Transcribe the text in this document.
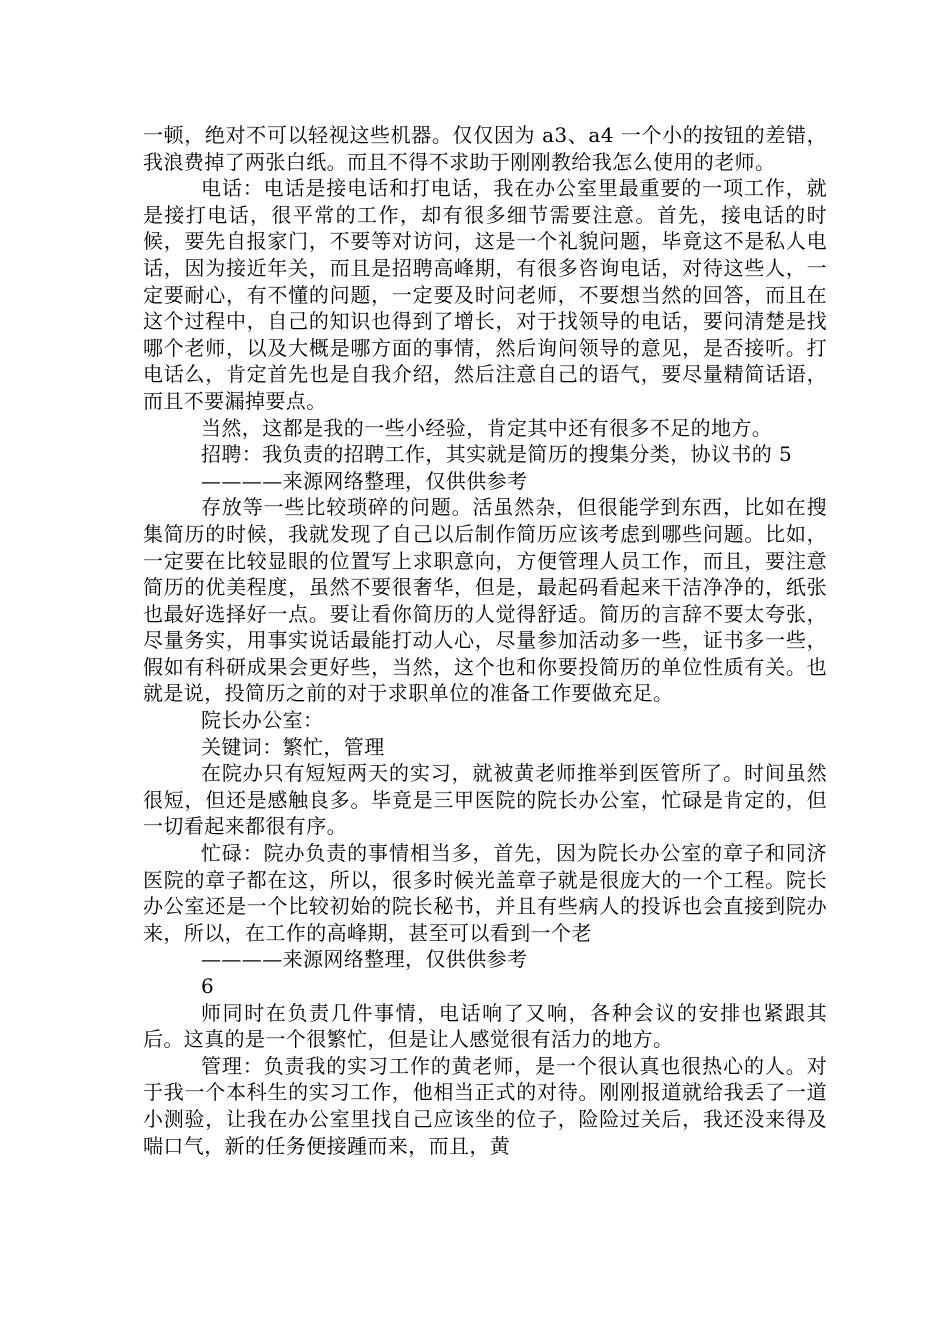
一顿，绝对不可以轻视这些机器。仅仅因为 a3、a4 一个小的按钮的差错，我浪费掉了两张白纸。而且不得不求助于刚刚教给我怎么使用的老师。

电话：电话是接电话和打电话，我在办公室里最重要的一项工作，就是接打电话，很平常的工作，却有很多细节需要注意。首先，接电话的时候，要先自报家门，不要等对访问，这是一个礼貌问题，毕竟这不是私人电话，因为接近年关，而且是招聘高峰期，有很多咨询电话，对待这些人，一定要耐心，有不懂的问题，一定要及时问老师，不要想当然的回答，而且在这个过程中，自己的知识也得到了增长，对于找领导的电话，要问清楚是找哪个老师，以及大概是哪方面的事情，然后询问领导的意见，是否接听。打电话么，肯定首先也是自我介绍，然后注意自己的语气，要尽量精简话语，而且不要漏掉要点。

当然，这都是我的一些小经验，肯定其中还有很多不足的地方。

招聘：我负责的招聘工作，其实就是简历的搜集分类，协议书的 5

————来源网络整理，仅供供参考

存放等一些比较琐碎的问题。活虽然杂，但很能学到东西，比如在搜集简历的时候，我就发现了自己以后制作简历应该考虑到哪些问题。比如，一定要在比较显眼的位置写上求职意向，方便管理人员工作，而且，要注意简历的优美程度，虽然不要很奢华，但是，最起码看起来干洁净净的，纸张也最好选择好一点。要让看你简历的人觉得舒适。简历的言辞不要太夸张，尽量务实，用事实说话最能打动人心，尽量参加活动多一些，证书多一些，假如有科研成果会更好些，当然，这个也和你要投简历的单位性质有关。也就是说，投简历之前的对于求职单位的准备工作要做充足。

院长办公室：

关键词：繁忙，管理

在院办只有短短两天的实习，就被黄老师推举到医管所了。时间虽然很短，但还是感触良多。毕竟是三甲医院的院长办公室，忙碌是肯定的，但一切看起来都很有序。

忙碌：院办负责的事情相当多，首先，因为院长办公室的章子和同济医院的章子都在这，所以，很多时候光盖章子就是很庞大的一个工程。院长办公室还是一个比较初始的院长秘书，并且有些病人的投诉也会直接到院办来，所以，在工作的高峰期，甚至可以看到一个老

————来源网络整理，仅供供参考

6

师同时在负责几件事情，电话响了又响，各种会议的安排也紧跟其后。这真的是一个很繁忙，但是让人感觉很有活力的地方。

管理：负责我的实习工作的黄老师，是一个很认真也很热心的人。对于我一个本科生的实习工作，他相当正式的对待。刚刚报道就给我丢了一道小测验，让我在办公室里找自己应该坐的位子，险险过关后，我还没来得及喘口气，新的任务便接踵而来，而且，黄
